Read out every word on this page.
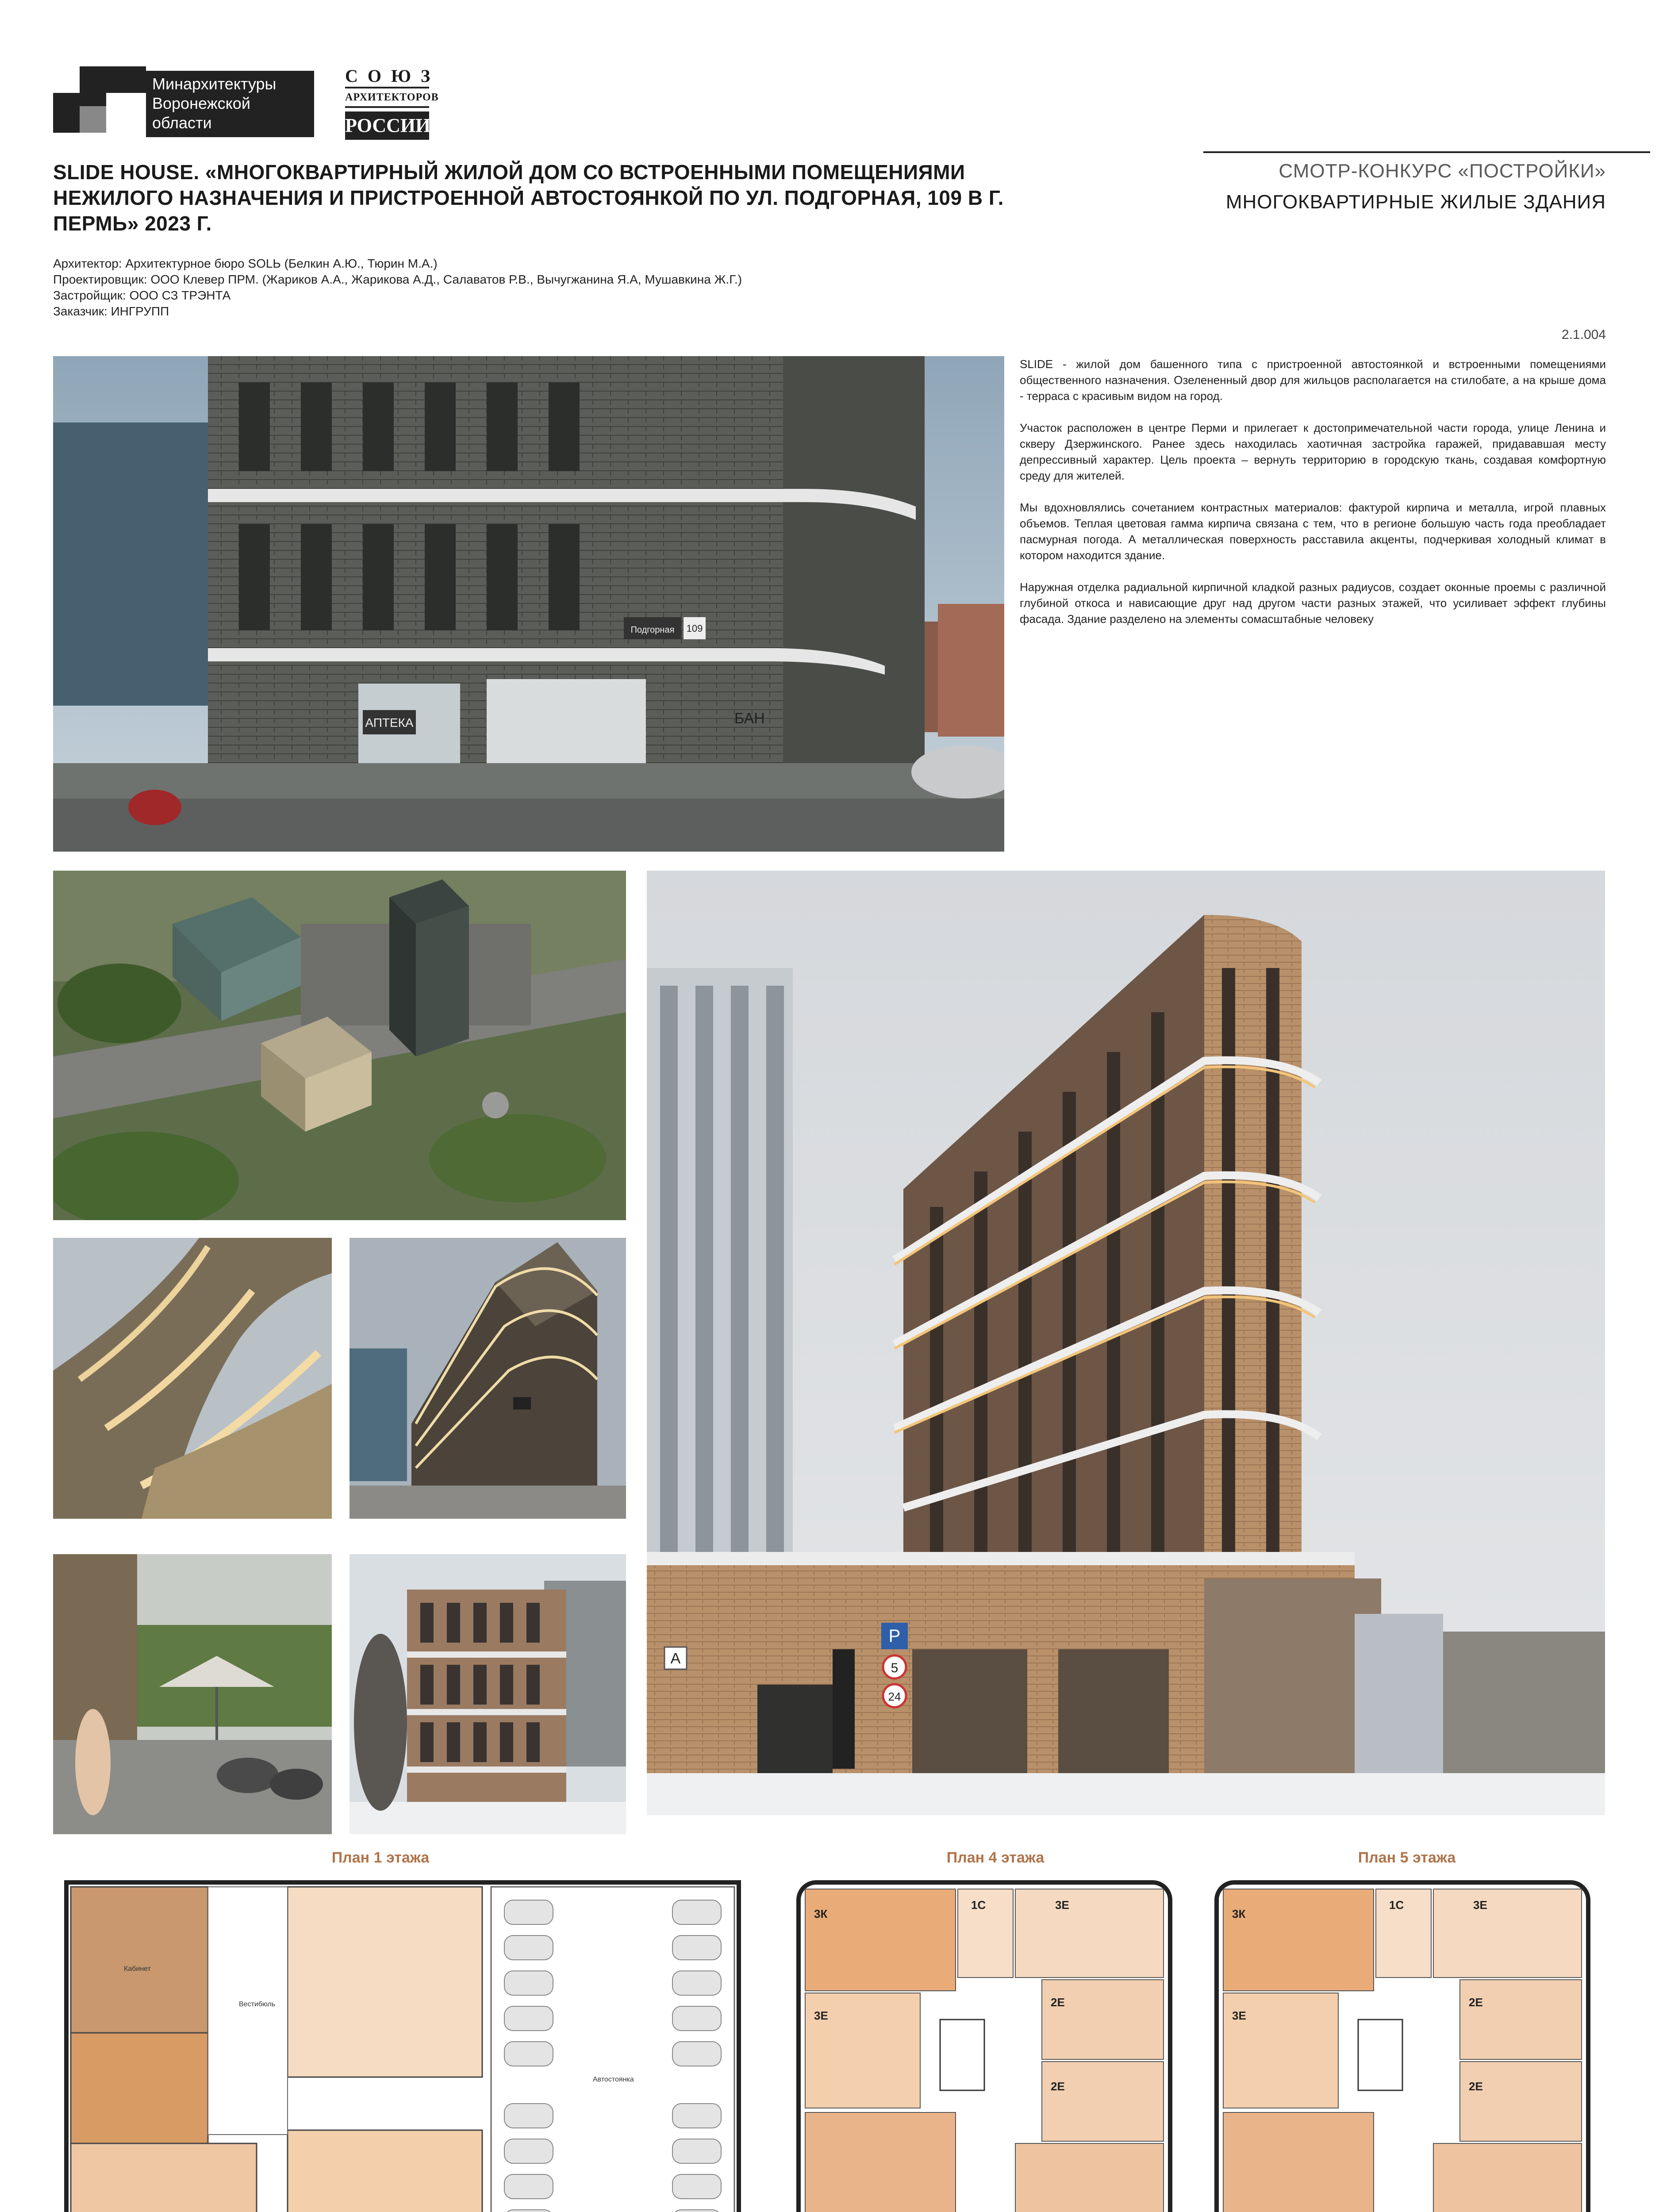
Минархитектуры
Воронежской
области
СОЮЗ
АРХИТЕКТОРОВ
РОССИИ
SLIDE HOUSE. «МНОГОКВАРТИРНЫЙ ЖИЛОЙ ДОМ СО ВСТРОЕННЫМИ ПОМЕЩЕНИЯМИ НЕЖИЛОГО НАЗНАЧЕНИЯ И ПРИСТРОЕННОЙ АВТОСТОЯНКОЙ ПО УЛ. ПОДГОРНАЯ, 109 В Г. ПЕРМЬ» 2023 Г.
СМОТР-КОНКУРС «ПОСТРОЙКИ»
МНОГОКВАРТИРНЫЕ ЖИЛЫЕ ЗДАНИЯ
Архитектор: Архитектурное бюро SOLЬ (Белкин А.Ю., Тюрин М.А.)
Проектировщик: ООО Клевер ПРМ. (Жариков А.А., Жарикова А.Д., Салаватов Р.В., Вычугжанина Я.А, Мушавкина Ж.Г.)
Застройщик: ООО СЗ ТРЭНТА
Заказчик: ИНГРУПП
2.1.004

SLIDE - жилой дом башенного типа с пристроенной автостоянкой и встроенными помещениями общественного назначения. Озелененный двор для жильцов располагается на стилобате, а на крыше дома - терраса с красивым видом на город.

Участок расположен в центре Перми и прилегает к достопримечательной части города, улице Ленина и скверу Дзержинского. Ранее здесь находилась хаотичная застройка гаражей, придававшая месту депрессивный характер. Цель проекта – вернуть территорию в городскую ткань, создавая комфортную среду для жителей.

Мы вдохновлялись сочетанием контрастных материалов: фактурой кирпича и металла, игрой плавных объемов. Теплая цветовая гамма кирпича связана с тем, что в регионе большую часть года преобладает пасмурная погода. А металлическая поверхность расставила акценты, подчеркивая холодный климат в котором находится здание.

Наружная отделка радиальной кирпичной кладкой разных радиусов, создает оконные проемы с различной глубиной откоса и нависающие друг над другом части разных этажей, что усиливает эффект глубины фасада. Здание разделено на элементы сомасштабные человеку

АПТЕКА	БАН
Подгорная 109
P
5
24
А
План 1 этажа
Кабинет
Вестибюль
Автостоянка
План 4 этажа
3К
1С	3Е
3Е
2Е
2Е
План 5 этажа
3К
1С	3Е
3Е
2Е
2Е
